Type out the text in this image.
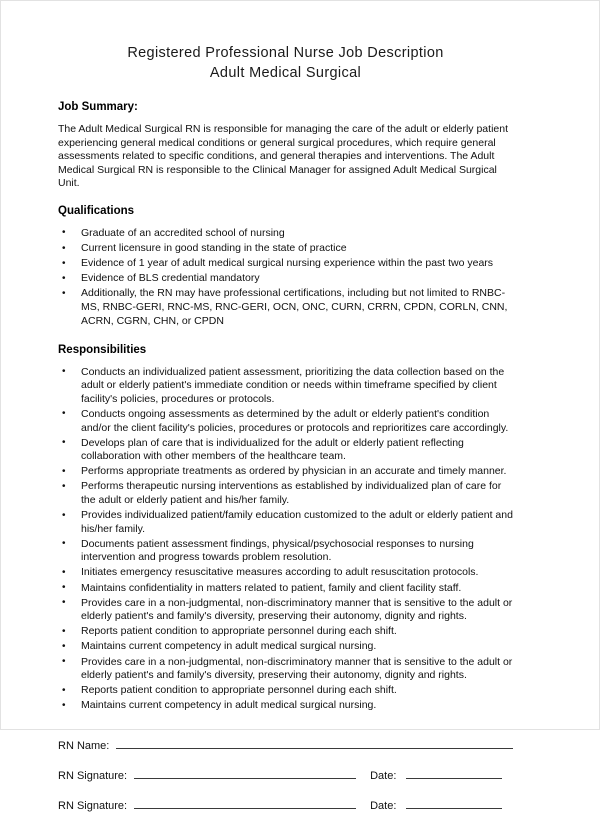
Registered Professional Nurse Job Description
Adult Medical Surgical
Job Summary:

The Adult Medical Surgical RN is responsible for managing the care of the adult or elderly patient experiencing general medical conditions or general surgical procedures, which require general assessments related to specific conditions, and general therapies and interventions. The Adult Medical Surgical RN is responsible to the Clinical Manager for assigned Adult Medical Surgical Unit.

Qualifications
• Graduate of an accredited school of nursing
• Current licensure in good standing in the state of practice
• Evidence of 1 year of adult medical surgical nursing experience within the past two years
• Evidence of BLS credential mandatory
• Additionally, the RN may have professional certifications, including but not limited to RNBC-MS, RNBC-GERI, RNC-MS, RNC-GERI, OCN, ONC, CURN, CRRN, CPDN, CORLN, CNN, ACRN, CGRN, CHN, or CPDN
Responsibilities
• Conducts an individualized patient assessment, prioritizing the data collection based on the adult or elderly patient's immediate condition or needs within timeframe specified by client facility's policies, procedures or protocols.
• Conducts ongoing assessments as determined by the adult or elderly patient's condition and/or the client facility's policies, procedures or protocols and reprioritizes care accordingly.
• Develops plan of care that is individualized for the adult or elderly patient reflecting collaboration with other members of the healthcare team.
• Performs appropriate treatments as ordered by physician in an accurate and timely manner.
• Performs therapeutic nursing interventions as established by individualized plan of care for the adult or elderly patient and his/her family.
• Provides individualized patient/family education customized to the adult or elderly patient and his/her family.
• Documents patient assessment findings, physical/psychosocial responses to nursing intervention and progress towards problem resolution.
• Initiates emergency resuscitative measures according to adult resuscitation protocols.
• Maintains confidentiality in matters related to patient, family and client facility staff.
• Provides care in a non-judgmental, non-discriminatory manner that is sensitive to the adult or elderly patient's and family's diversity, preserving their autonomy, dignity and rights.
• Reports patient condition to appropriate personnel during each shift.
• Maintains current competency in adult medical surgical nursing.
• Provides care in a non-judgmental, non-discriminatory manner that is sensitive to the adult or elderly patient's and family's diversity, preserving their autonomy, dignity and rights.
• Reports patient condition to appropriate personnel during each shift.
• Maintains current competency in adult medical surgical nursing.
RN Name:
RN Signature:	Date:
RN Signature:	Date:
